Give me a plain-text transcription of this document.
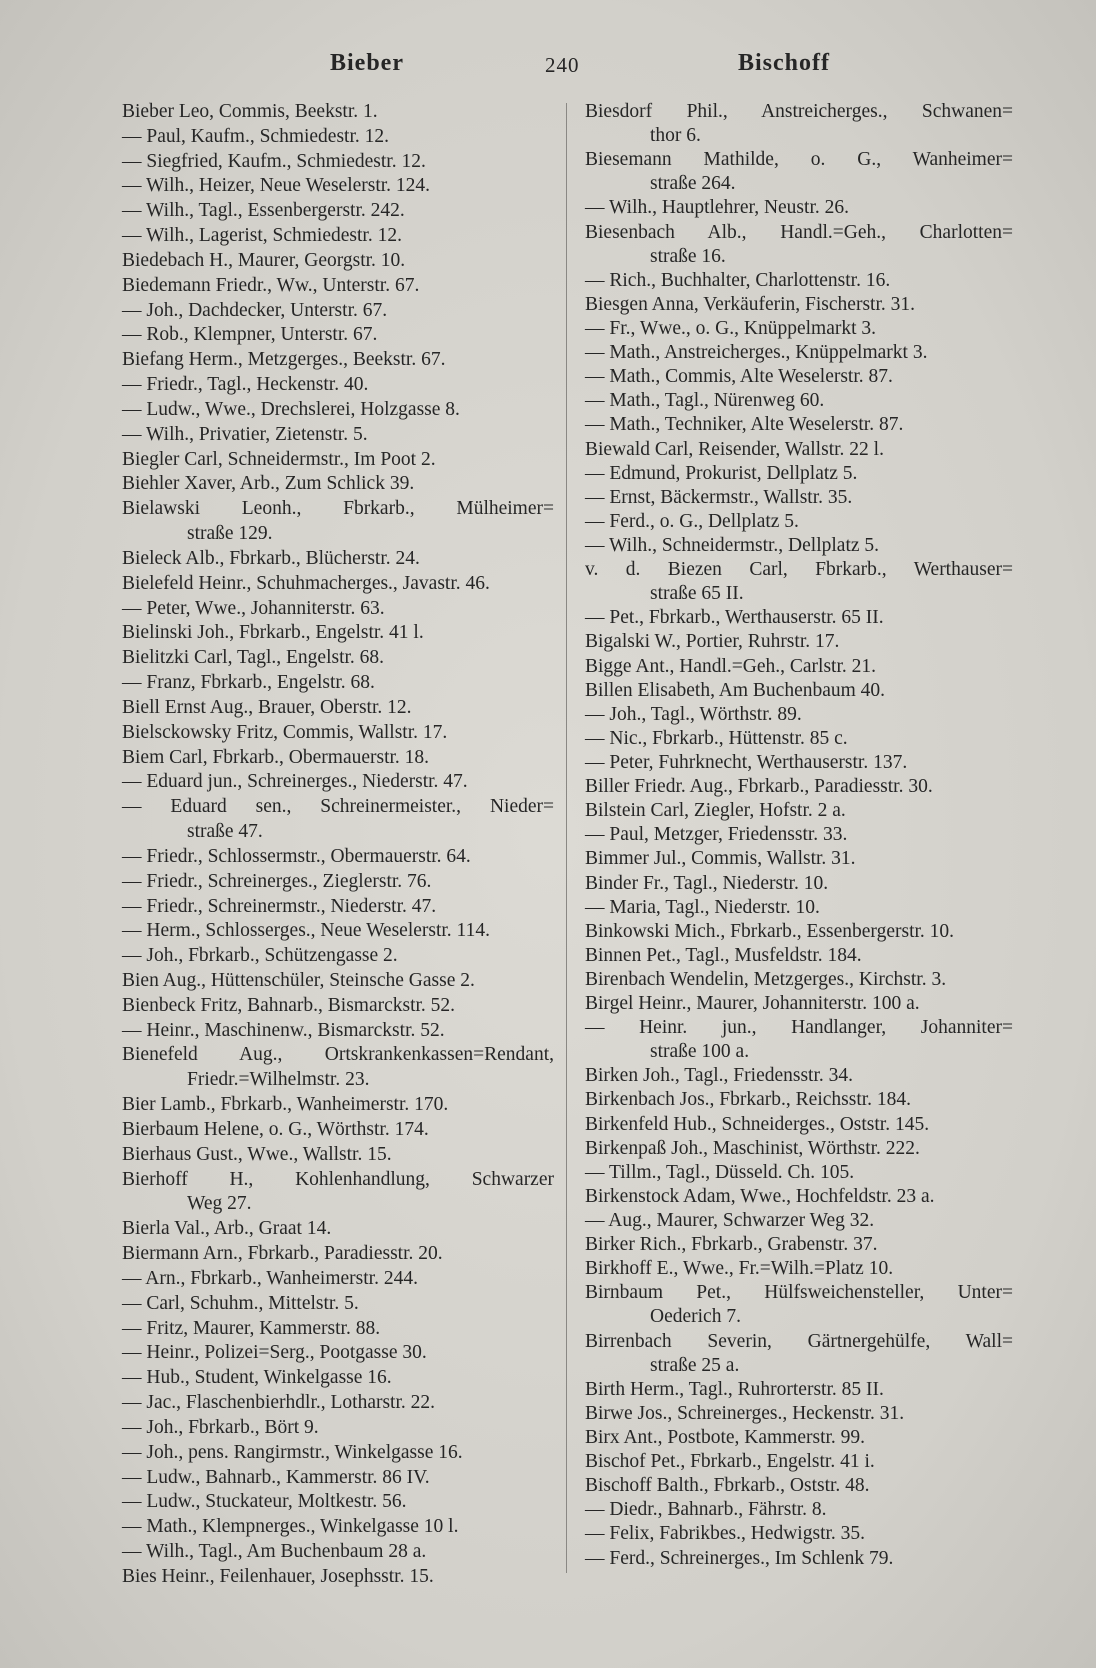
Bieber	240	Bischoff
Bieber Leo, Commis, Beekstr. 1.
— Paul, Kaufm., Schmiedestr. 12.
— Siegfried, Kaufm., Schmiedestr. 12.
— Wilh., Heizer, Neue Weselerstr. 124.
— Wilh., Tagl., Essenbergerstr. 242.
— Wilh., Lagerist, Schmiedestr. 12.
Biedebach H., Maurer, Georgstr. 10.
Biedemann Friedr., Ww., Unterstr. 67.
— Joh., Dachdecker, Unterstr. 67.
— Rob., Klempner, Unterstr. 67.
Biefang Herm., Metzgerges., Beekstr. 67.
— Friedr., Tagl., Heckenstr. 40.
— Ludw., Wwe., Drechslerei, Holzgasse 8.
— Wilh., Privatier, Zietenstr. 5.
Biegler Carl, Schneidermstr., Im Poot 2.
Biehler Xaver, Arb., Zum Schlick 39.
Bielawski Leonh., Fbrkarb., Mülheimer=
straße 129.
Bieleck Alb., Fbrkarb., Blücherstr. 24.
Bielefeld Heinr., Schuhmacherges., Javastr. 46.
— Peter, Wwe., Johanniterstr. 63.
Bielinski Joh., Fbrkarb., Engelstr. 41 l.
Bielitzki Carl, Tagl., Engelstr. 68.
— Franz, Fbrkarb., Engelstr. 68.
Biell Ernst Aug., Brauer, Oberstr. 12.
Bielsckowsky Fritz, Commis, Wallstr. 17.
Biem Carl, Fbrkarb., Obermauerstr. 18.
— Eduard jun., Schreinerges., Niederstr. 47.
— Eduard sen., Schreinermeister., Nieder=
straße 47.
— Friedr., Schlossermstr., Obermauerstr. 64.
— Friedr., Schreinerges., Zieglerstr. 76.
— Friedr., Schreinermstr., Niederstr. 47.
— Herm., Schlosserges., Neue Weselerstr. 114.
— Joh., Fbrkarb., Schützengasse 2.
Bien Aug., Hüttenschüler, Steinsche Gasse 2.
Bienbeck Fritz, Bahnarb., Bismarckstr. 52.
— Heinr., Maschinenw., Bismarckstr. 52.
Bienefeld Aug., Ortskrankenkassen=Rendant,
Friedr.=Wilhelmstr. 23.
Bier Lamb., Fbrkarb., Wanheimerstr. 170.
Bierbaum Helene, o. G., Wörthstr. 174.
Bierhaus Gust., Wwe., Wallstr. 15.
Bierhoff H., Kohlenhandlung, Schwarzer
Weg 27.
Bierla Val., Arb., Graat 14.
Biermann Arn., Fbrkarb., Paradiesstr. 20.
— Arn., Fbrkarb., Wanheimerstr. 244.
— Carl, Schuhm., Mittelstr. 5.
— Fritz, Maurer, Kammerstr. 88.
— Heinr., Polizei=Serg., Pootgasse 30.
— Hub., Student, Winkelgasse 16.
— Jac., Flaschenbierhdlr., Lotharstr. 22.
— Joh., Fbrkarb., Bört 9.
— Joh., pens. Rangirmstr., Winkelgasse 16.
— Ludw., Bahnarb., Kammerstr. 86 IV.
— Ludw., Stuckateur, Moltkestr. 56.
— Math., Klempnerges., Winkelgasse 10 l.
— Wilh., Tagl., Am Buchenbaum 28 a.
Bies Heinr., Feilenhauer, Josephsstr. 15.
Biesdorf Phil., Anstreicherges., Schwanen=
thor 6.
Biesemann Mathilde, o. G., Wanheimer=
straße 264.
— Wilh., Hauptlehrer, Neustr. 26.
Biesenbach Alb., Handl.=Geh., Charlotten=
straße 16.
— Rich., Buchhalter, Charlottenstr. 16.
Biesgen Anna, Verkäuferin, Fischerstr. 31.
— Fr., Wwe., o. G., Knüppelmarkt 3.
— Math., Anstreicherges., Knüppelmarkt 3.
— Math., Commis, Alte Weselerstr. 87.
— Math., Tagl., Nürenweg 60.
— Math., Techniker, Alte Weselerstr. 87.
Biewald Carl, Reisender, Wallstr. 22 l.
— Edmund, Prokurist, Dellplatz 5.
— Ernst, Bäckermstr., Wallstr. 35.
— Ferd., o. G., Dellplatz 5.
— Wilh., Schneidermstr., Dellplatz 5.
v. d. Biezen Carl, Fbrkarb., Werthauser=
straße 65 II.
— Pet., Fbrkarb., Werthauserstr. 65 II.
Bigalski W., Portier, Ruhrstr. 17.
Bigge Ant., Handl.=Geh., Carlstr. 21.
Billen Elisabeth, Am Buchenbaum 40.
— Joh., Tagl., Wörthstr. 89.
— Nic., Fbrkarb., Hüttenstr. 85 c.
— Peter, Fuhrknecht, Werthauserstr. 137.
Biller Friedr. Aug., Fbrkarb., Paradiesstr. 30.
Bilstein Carl, Ziegler, Hofstr. 2 a.
— Paul, Metzger, Friedensstr. 33.
Bimmer Jul., Commis, Wallstr. 31.
Binder Fr., Tagl., Niederstr. 10.
— Maria, Tagl., Niederstr. 10.
Binkowski Mich., Fbrkarb., Essenbergerstr. 10.
Binnen Pet., Tagl., Musfeldstr. 184.
Birenbach Wendelin, Metzgerges., Kirchstr. 3.
Birgel Heinr., Maurer, Johanniterstr. 100 a.
— Heinr. jun., Handlanger, Johanniter=
straße 100 a.
Birken Joh., Tagl., Friedensstr. 34.
Birkenbach Jos., Fbrkarb., Reichsstr. 184.
Birkenfeld Hub., Schneiderges., Oststr. 145.
Birkenpaß Joh., Maschinist, Wörthstr. 222.
— Tillm., Tagl., Düsseld. Ch. 105.
Birkenstock Adam, Wwe., Hochfeldstr. 23 a.
— Aug., Maurer, Schwarzer Weg 32.
Birker Rich., Fbrkarb., Grabenstr. 37.
Birkhoff E., Wwe., Fr.=Wilh.=Platz 10.
Birnbaum Pet., Hülfsweichensteller, Unter=
Oederich 7.
Birrenbach Severin, Gärtnergehülfe, Wall=
straße 25 a.
Birth Herm., Tagl., Ruhrorterstr. 85 II.
Birwe Jos., Schreinerges., Heckenstr. 31.
Birx Ant., Postbote, Kammerstr. 99.
Bischof Pet., Fbrkarb., Engelstr. 41 i.
Bischoff Balth., Fbrkarb., Oststr. 48.
— Diedr., Bahnarb., Fährstr. 8.
— Felix, Fabrikbes., Hedwigstr. 35.
— Ferd., Schreinerges., Im Schlenk 79.
